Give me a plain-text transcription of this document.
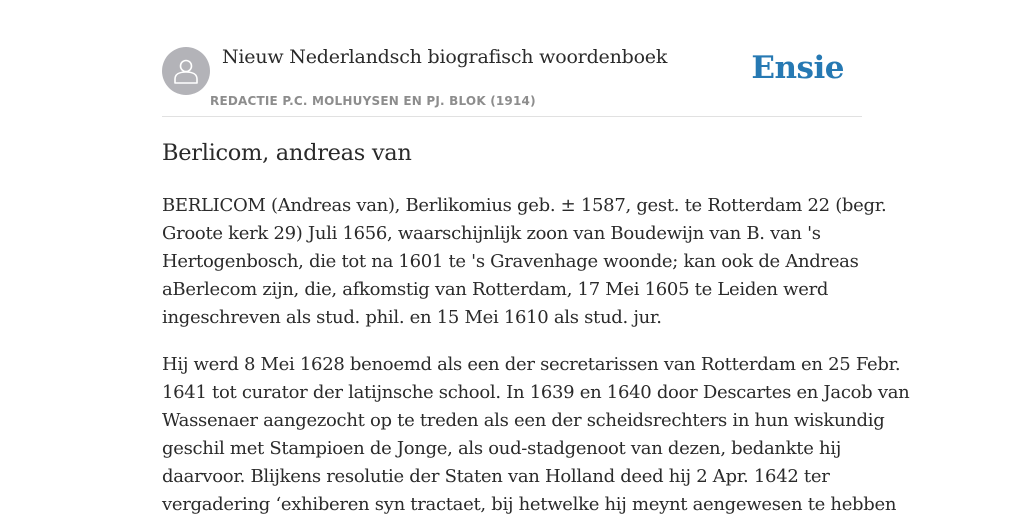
Nieuw Nederlandsch biografisch woordenboek
REDACTIE P.C. MOLHUYSEN EN PJ. BLOK (1914)
Ensie
Berlicom, andreas van

BERLICOM (Andreas van), Berlikomius geb. ± 1587, gest. te Rotterdam 22 (begr.
Groote kerk 29) Juli 1656, waarschijnlijk zoon van Boudewijn van B. van 's
Hertogenbosch, die tot na 1601 te 's Gravenhage woonde; kan ook de Andreas
aBerlecom zijn, die, afkomstig van Rotterdam, 17 Mei 1605 te Leiden werd
ingeschreven als stud. phil. en 15 Mei 1610 als stud. jur.

Hij werd 8 Mei 1628 benoemd als een der secretarissen van Rotterdam en 25 Febr.
1641 tot curator der latijnsche school. In 1639 en 1640 door Descartes en Jacob van
Wassenaer aangezocht op te treden als een der scheidsrechters in hun wiskundig
geschil met Stampioen de Jonge, als oud-stadgenoot van dezen, bedankte hij
daarvoor. Blijkens resolutie der Staten van Holland deed hij 2 Apr. 1642 ter
vergadering ‘exhiberen syn tractaet, bij hetwelke hij meynt aengewesen te hebben
